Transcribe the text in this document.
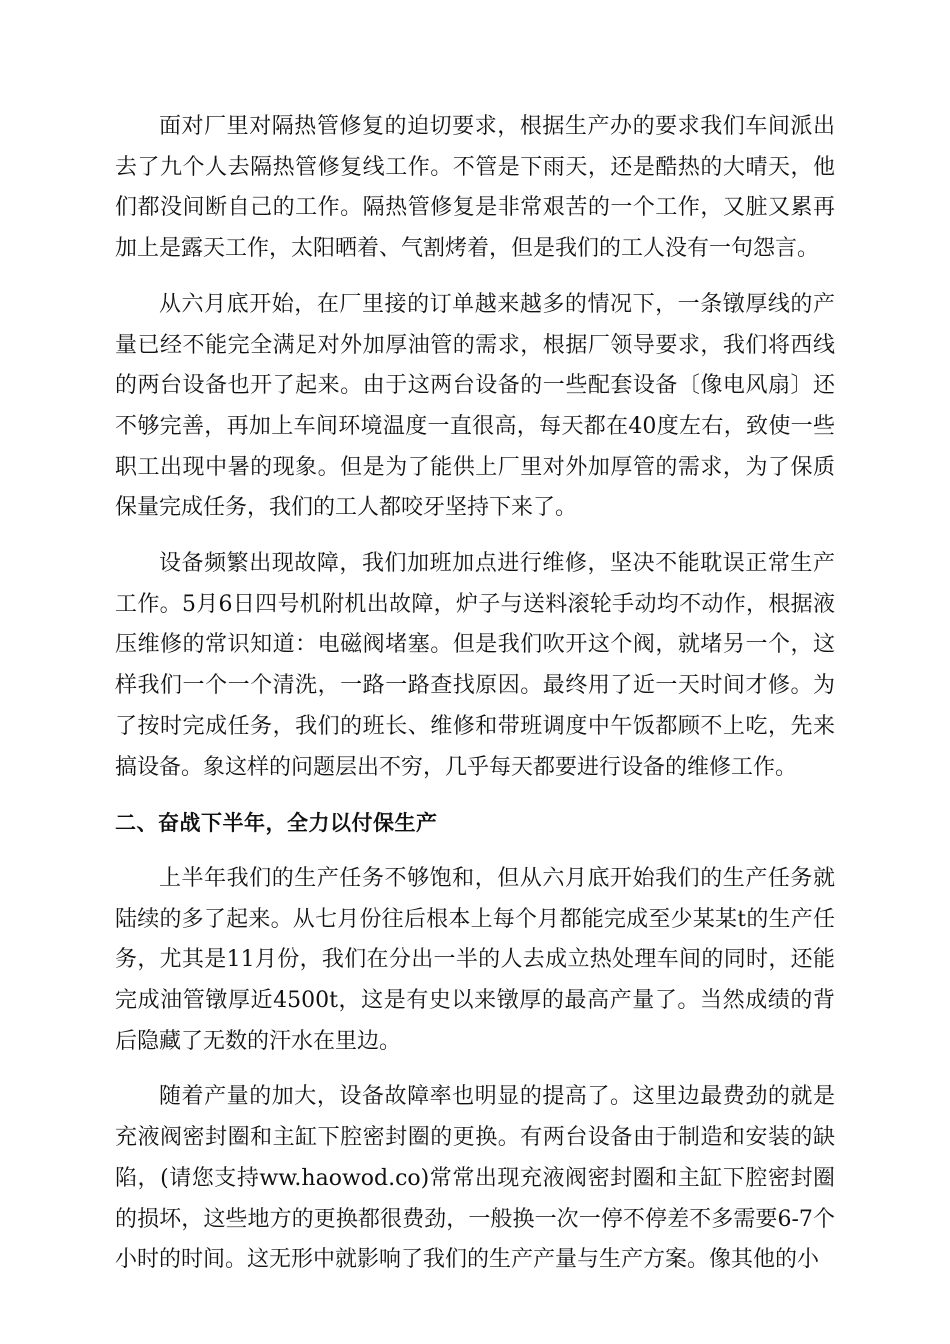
面对厂里对隔热管修复的迫切要求，根据生产办的要求我们车间派出去了九个人去隔热管修复线工作。不管是下雨天，还是酷热的大晴天，他们都没间断自己的工作。隔热管修复是非常艰苦的一个工作，又脏又累再加上是露天工作，太阳晒着、气割烤着，但是我们的工人没有一句怨言。

从六月底开始，在厂里接的订单越来越多的情况下，一条镦厚线的产量已经不能完全满足对外加厚油管的需求，根据厂领导要求，我们将西线的两台设备也开了起来。由于这两台设备的一些配套设备〔像电风扇〕还不够完善，再加上车间环境温度一直很高，每天都在40度左右，致使一些职工出现中暑的现象。但是为了能供上厂里对外加厚管的需求，为了保质保量完成任务，我们的工人都咬牙坚持下来了。

设备频繁出现故障，我们加班加点进行维修，坚决不能耽误正常生产工作。5月6日四号机附机出故障，炉子与送料滚轮手动均不动作，根据液压维修的常识知道：电磁阀堵塞。但是我们吹开这个阀，就堵另一个，这样我们一个一个清洗，一路一路查找原因。最终用了近一天时间才修。为了按时完成任务，我们的班长、维修和带班调度中午饭都顾不上吃，先来搞设备。象这样的问题层出不穷，几乎每天都要进行设备的维修工作。

二、奋战下半年，全力以付保生产

上半年我们的生产任务不够饱和，但从六月底开始我们的生产任务就陆续的多了起来。从七月份往后根本上每个月都能完成至少某某t的生产任务，尤其是11月份，我们在分出一半的人去成立热处理车间的同时，还能完成油管镦厚近4500t，这是有史以来镦厚的最高产量了。当然成绩的背后隐藏了无数的汗水在里边。

随着产量的加大，设备故障率也明显的提高了。这里边最费劲的就是充液阀密封圈和主缸下腔密封圈的更换。有两台设备由于制造和安装的缺陷，(请您支持ww.haowod.co)常常出现充液阀密封圈和主缸下腔密封圈的损坏，这些地方的更换都很费劲，一般换一次一停不停差不多需要6-7个小时的时间。这无形中就影响了我们的生产产量与生产方案。像其他的小
